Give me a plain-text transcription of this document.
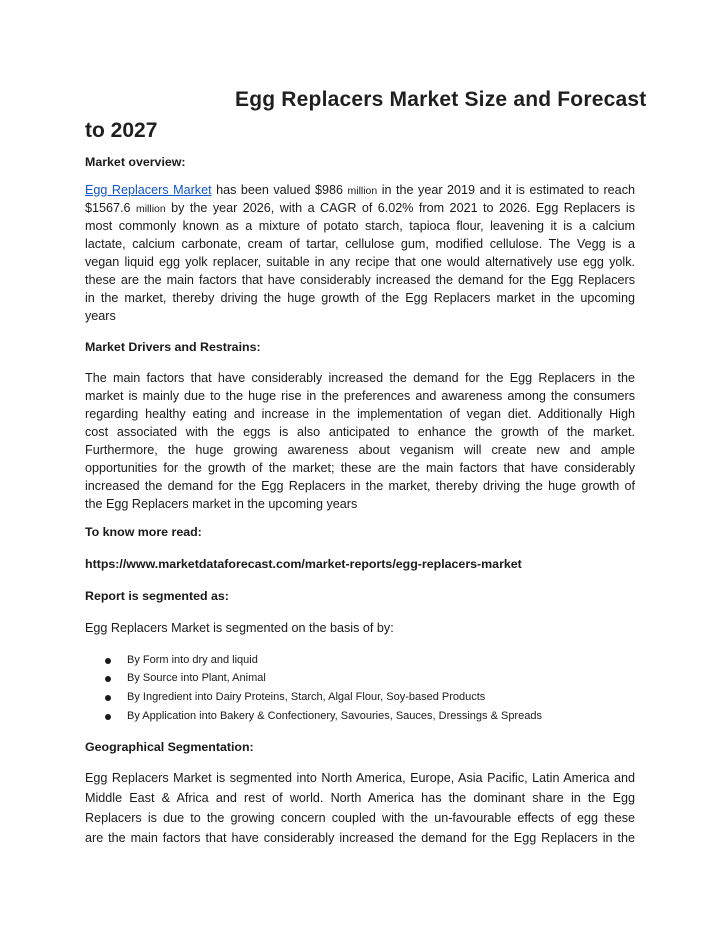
Egg Replacers Market Size and Forecast
to 2027
Market overview:
Egg Replacers Market has been valued $986 million in the year 2019 and it is estimated to reach
$1567.6 million by the year 2026, with a CAGR of 6.02% from 2021 to 2026. Egg Replacers is
most commonly known as a mixture of potato starch, tapioca flour, leavening it is a calcium
lactate, calcium carbonate, cream of tartar, cellulose gum, modified cellulose. The Vegg is a
vegan liquid egg yolk replacer, suitable in any recipe that one would alternatively use egg yolk.
these are the main factors that have considerably increased the demand for the Egg Replacers
in the market, thereby driving the huge growth of the Egg Replacers market in the upcoming
years
Market Drivers and Restrains:
The main factors that have considerably increased the demand for the Egg Replacers in the
market is mainly due to the huge rise in the preferences and awareness among the consumers
regarding healthy eating and increase in the implementation of vegan diet. Additionally High
cost associated with the eggs is also anticipated to enhance the growth of the market.
Furthermore, the huge growing awareness about veganism will create new and ample
opportunities for the growth of the market; these are the main factors that have considerably
increased the demand for the Egg Replacers in the market, thereby driving the huge growth of
the Egg Replacers market in the upcoming years
To know more read:
https://www.marketdataforecast.com/market-reports/egg-replacers-market
Report is segmented as:
Egg Replacers Market is segmented on the basis of by:
By Form into dry and liquid
By Source into Plant, Animal
By Ingredient into Dairy Proteins, Starch, Algal Flour, Soy-based Products
By Application into Bakery & Confectionery, Savouries, Sauces, Dressings & Spreads
Geographical Segmentation:
Egg Replacers Market is segmented into North America, Europe, Asia Pacific, Latin America and
Middle East & Africa and rest of world. North America has the dominant share in the Egg
Replacers is due to the growing concern coupled with the un-favourable effects of egg these
are the main factors that have considerably increased the demand for the Egg Replacers in the
